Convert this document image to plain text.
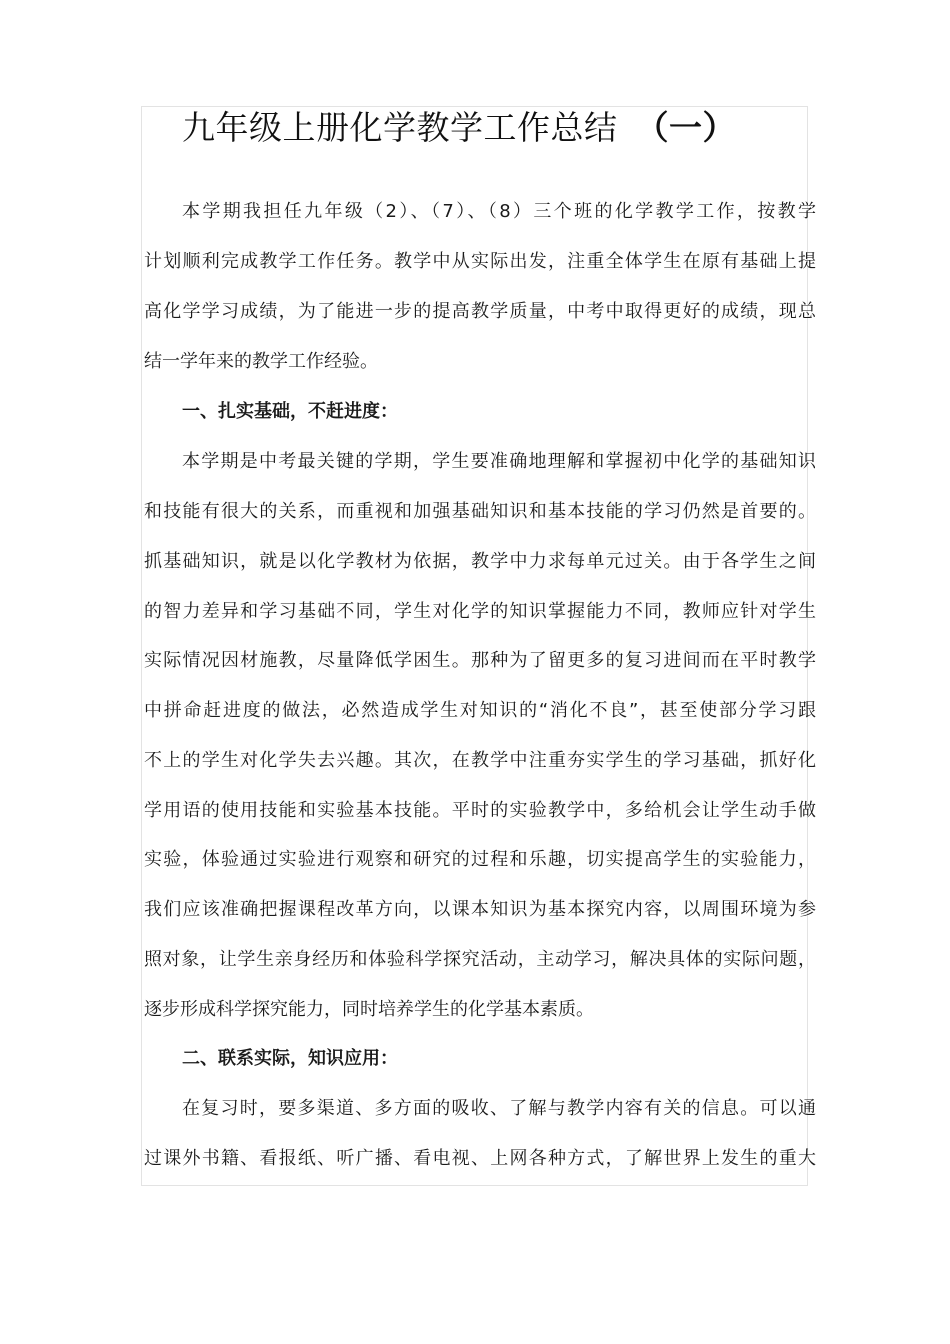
九年级上册化学教学工作总结 （一）
本学期我担任九年级（2）、（7）、（8）三个班的化学教学工作，按教学
计划顺利完成教学工作任务。教学中从实际出发，注重全体学生在原有基础上提
高化学学习成绩，为了能进一步的提高教学质量，中考中取得更好的成绩，现总
结一学年来的教学工作经验。
一、扎实基础，不赶进度：
本学期是中考最关键的学期，学生要准确地理解和掌握初中化学的基础知识
和技能有很大的关系，而重视和加强基础知识和基本技能的学习仍然是首要的。
抓基础知识，就是以化学教材为依据，教学中力求每单元过关。由于各学生之间
的智力差异和学习基础不同，学生对化学的知识掌握能力不同，教师应针对学生
实际情况因材施教，尽量降低学困生。那种为了留更多的复习进间而在平时教学
中拼命赶进度的做法，必然造成学生对知识的“消化不良”，甚至使部分学习跟
不上的学生对化学失去兴趣。其次，在教学中注重夯实学生的学习基础，抓好化
学用语的使用技能和实验基本技能。平时的实验教学中，多给机会让学生动手做
实验，体验通过实验进行观察和研究的过程和乐趣，切实提高学生的实验能力，
我们应该准确把握课程改革方向，以课本知识为基本探究内容，以周围环境为参
照对象，让学生亲身经历和体验科学探究活动，主动学习，解决具体的实际问题，
逐步形成科学探究能力，同时培养学生的化学基本素质。
二、联系实际，知识应用：
在复习时，要多渠道、多方面的吸收、了解与教学内容有关的信息。可以通
过课外书籍、看报纸、听广播、看电视、上网各种方式，了解世界上发生的重大
